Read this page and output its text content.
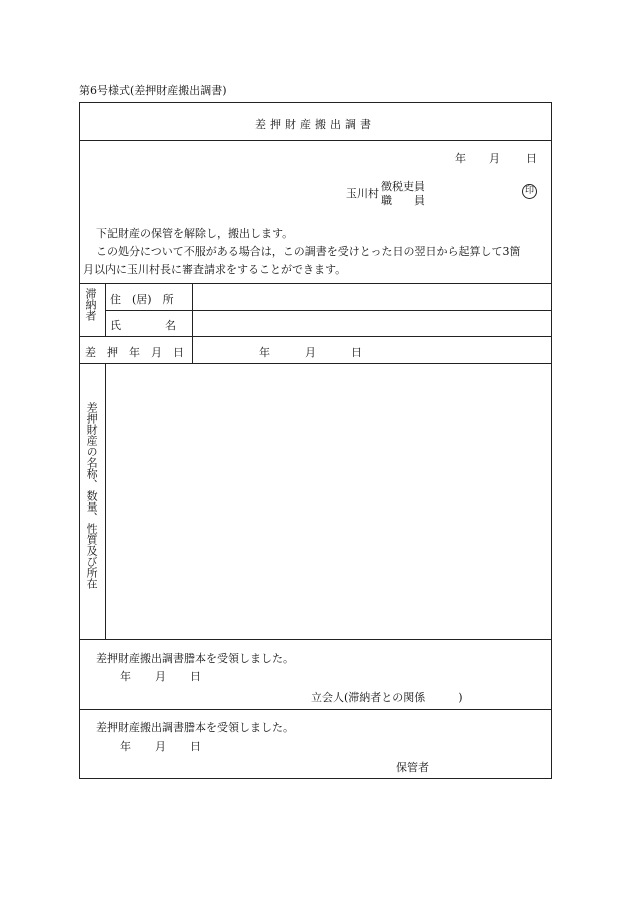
第6号様式(差押財産搬出調書)
差押財産搬出調書
年 月 日
玉川村
徴税吏員
職　　員
印
下記財産の保管を解除し，搬出します。
この処分について不服がある場合は，この調書を受けとった日の翌日から起算して3箇
月以内に玉川村長に審査請求をすることができます。
滞納者 住　(居)　所
氏　　　　名
差　押　年　月　日	年	月	日
差押財産の名称、数量、性質及び所在
差押財産搬出調書謄本を受領しました。
年 月 日
立会人(滞納者との関係　　　)
差押財産搬出調書謄本を受領しました。
年 月 日
保管者
